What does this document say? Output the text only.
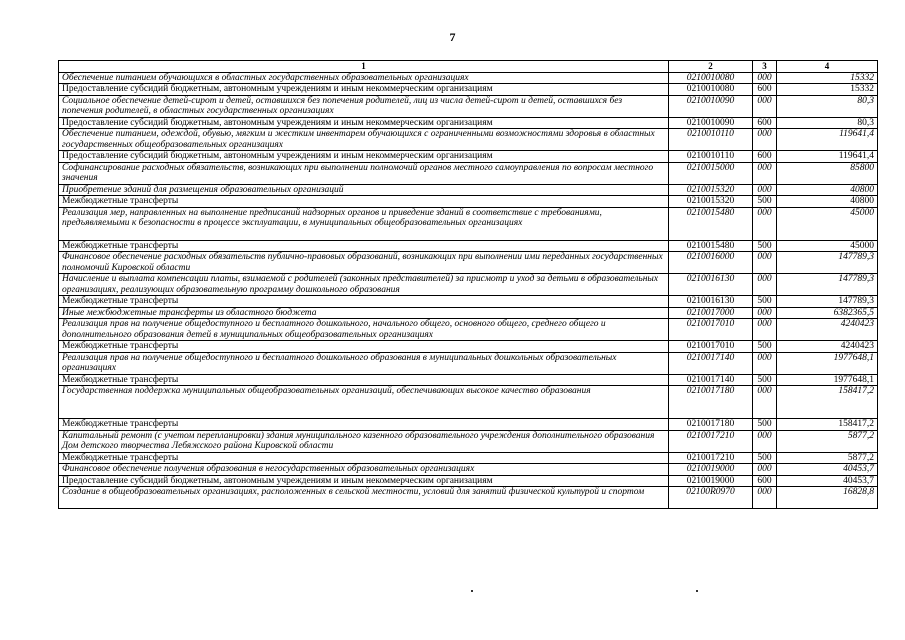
7
1	2	3	4
Обеспечение питанием обучающихся в областных государственных образовательных организациях	0210010080	000	15332
Предоставление субсидий бюджетным, автономным учреждениям и иным некоммерческим организациям	0210010080	600	15332
Социальное обеспечение детей-сирот и детей, оставшихся без попечения родителей, лиц из числа детей-сирот и детей, оставшихся без попечения родителей, в областных государственных организациях	0210010090	000	80,3
Предоставление субсидий бюджетным, автономным учреждениям и иным некоммерческим организациям	0210010090	600	80,3
Обеспечение питанием, одеждой, обувью, мягким и жестким инвентарем обучающихся с ограниченными возможностями здоровья в областных государственных общеобразовательных организациях	0210010110	000	119641,4
Предоставление субсидий бюджетным, автономным учреждениям и иным некоммерческим организациям	0210010110	600	119641,4
Софинансирование расходных обязательств, возникающих при выполнении полномочий органов местного самоуправления по вопросам местного значения	0210015000	000	85800
Приобретение зданий для размещения образовательных организаций	0210015320	000	40800
Межбюджетные трансферты	0210015320	500	40800
Реализация мер, направленных на выполнение предписаний надзорных органов и приведение зданий в соответствие с требованиями, предъявляемыми к безопасности в процессе эксплуатации, в муниципальных общеобразовательных организациях	0210015480	000	45000
Межбюджетные трансферты	0210015480	500	45000
Финансовое обеспечение расходных обязательств публично-правовых образований, возникающих при выполнении ими переданных государственных полномочий Кировской области	0210016000	000	147789,3
Начисление и выплата компенсации платы, взимаемой с родителей (законных представителей) за присмотр и уход за детьми в образовательных организациях, реализующих образовательную программу дошкольного образования	0210016130	000	147789,3
Межбюджетные трансферты	0210016130	500	147789,3
Иные межбюджетные трансферты из областного бюджета	0210017000	000	6382365,5
Реализация прав на получение общедоступного и бесплатного дошкольного, начального общего, основного общего, среднего общего и дополнительного образования детей в муниципальных общеобразовательных организациях	0210017010	000	4240423
Межбюджетные трансферты	0210017010	500	4240423
Реализация прав на получение общедоступного и бесплатного дошкольного образования в муниципальных дошкольных образовательных организациях	0210017140	000	1977648,1
Межбюджетные трансферты	0210017140	500	1977648,1
Государственная поддержка муниципальных общеобразовательных организаций, обеспечивающих высокое качество образования	0210017180	000	158417,2
Межбюджетные трансферты	0210017180	500	158417,2
Капитальный ремонт (с учетом перепланировки) здания муниципального казенного образовательного учреждения дополнительного образования Дом детского творчества Лебяжского района Кировской области	0210017210	000	5877,2
Межбюджетные трансферты	0210017210	500	5877,2
Финансовое обеспечение получения образования в негосударственных образовательных организациях	0210019000	000	40453,7
Предоставление субсидий бюджетным, автономным учреждениям и иным некоммерческим организациям	0210019000	600	40453,7
Создание в общеобразовательных организациях, расположенных в сельской местности, условий для занятий физической культурой и спортом	02100R0970	000	16828,8
